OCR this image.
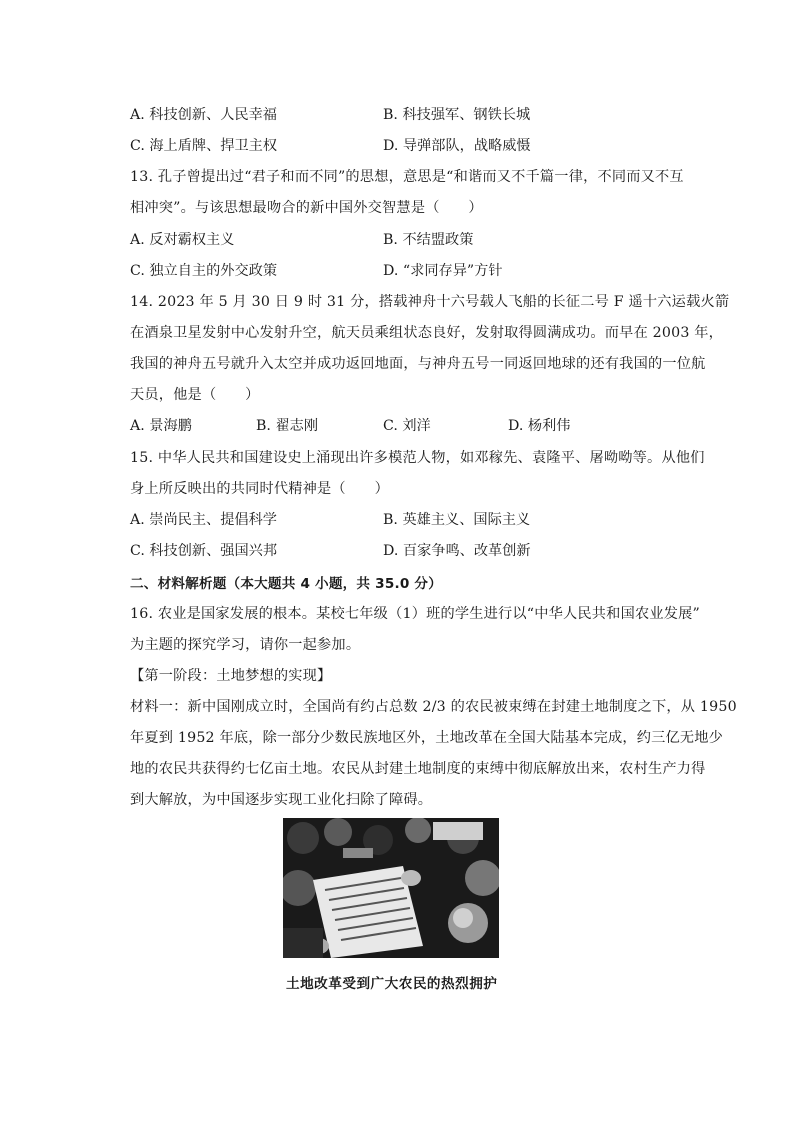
A. 科技创新、人民幸福	B. 科技强军、钢铁长城
C. 海上盾牌、捍卫主权	D. 导弹部队，战略威慑
13. 孔子曾提出过“君子和而不同”的思想，意思是“和谐而又不千篇一律，不同而又不互
相冲突”。与该思想最吻合的新中国外交智慧是（　　）
A. 反对霸权主义	B. 不结盟政策
C. 独立自主的外交政策	D. “求同存异”方针
14. 2023 年 5 月 30 日 9 时 31 分，搭载神舟十六号载人飞船的长征二号 F 遥十六运载火箭
在酒泉卫星发射中心发射升空，航天员乘组状态良好，发射取得圆满成功。而早在 2003 年，
我国的神舟五号就升入太空并成功返回地面，与神舟五号一同返回地球的还有我国的一位航
天员，他是（　　）
A. 景海鹏	B. 翟志刚	C. 刘洋	D. 杨利伟
15. 中华人民共和国建设史上涌现出许多模范人物，如邓稼先、袁隆平、屠呦呦等。从他们
身上所反映出的共同时代精神是（　　）
A. 崇尚民主、提倡科学	B. 英雄主义、国际主义
C. 科技创新、强国兴邦	D. 百家争鸣、改革创新
二、材料解析题（本大题共 4 小题，共 35.0 分）
16. 农业是国家发展的根本。某校七年级（1）班的学生进行以“中华人民共和国农业发展”
为主题的探究学习，请你一起参加。
【第一阶段：土地梦想的实现】
材料一：新中国刚成立时，全国尚有约占总数 2/3 的农民被束缚在封建土地制度之下，从 1950
年夏到 1952 年底，除一部分少数民族地区外，土地改革在全国大陆基本完成，约三亿无地少
地的农民共获得约七亿亩土地。农民从封建土地制度的束缚中彻底解放出来，农村生产力得
到大解放，为中国逐步实现工业化扫除了障碍。
土地改革受到广大农民的热烈拥护
